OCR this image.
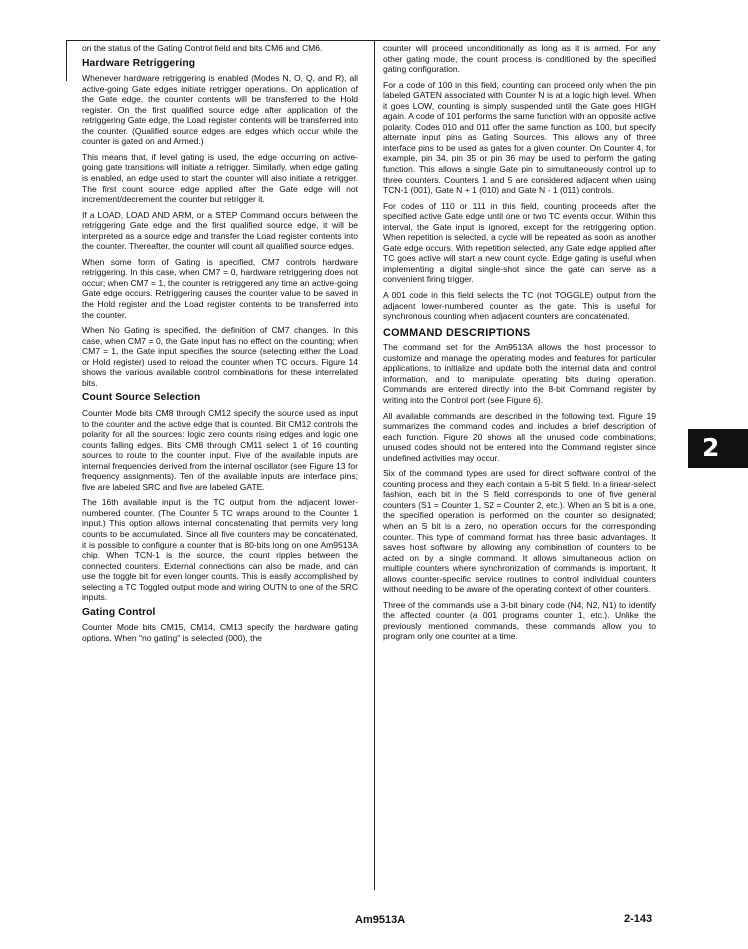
on the status of the Gating Control field and bits CM6 and CM6.

Hardware Retriggering

Whenever hardware retriggering is enabled (Modes N, O, Q, and R), all active-going Gate edges initiate retrigger operations. On application of the Gate edge, the counter contents will be transferred to the Hold register. On the first qualified source edge after application of the retriggering Gate edge, the Load register contents will be transferred into the counter. (Qualified source edges are edges which occur while the counter is gated on and Armed.)

This means that, if level gating is used, the edge occurring on active-going gate transitions will initiate a retrigger. Similarly, when edge gating is enabled, an edge used to start the counter will also initiate a retrigger. The first count source edge applied after the Gate edge will not increment/decrement the counter but retrigger it.

If a LOAD, LOAD AND ARM, or a STEP Command occurs between the retriggering Gate edge and the first qualified source edge, it will be interpreted as a source edge and transfer the Load register contents into the counter. Thereafter, the counter will count all qualified source edges.

When some form of Gating is specified, CM7 controls hardware retriggering. In this case, when CM7 = 0, hardware retriggering does not occur; when CM7 = 1, the counter is retriggered any time an active-going Gate edge occurs. Retriggering causes the counter value to be saved in the Hold register and the Load register contents to be transferred into the counter.

When No Gating is specified, the definition of CM7 changes. In this case, when CM7 = 0, the Gate input has no effect on the counting; when CM7 = 1, the Gate input specifies the source (selecting either the Load or Hold register) used to reload the counter when TC occurs. Figure 14 shows the various available control combinations for these interrelated bits.

Count Source Selection

Counter Mode bits CM8 through CM12 specify the source used as input to the counter and the active edge that is counted. Bit CM12 controls the polarity for all the sources: logic zero counts rising edges and logic one counts falling edges. Bits CM8 through CM11 select 1 of 16 counting sources to route to the counter input. Five of the available inputs are internal frequencies derived from the internal oscillator (see Figure 13 for frequency assignments). Ten of the available inputs are interface pins; five are labeled SRC and five are labeled GATE.

The 16th available input is the TC output from the adjacent lower-numbered counter. (The Counter 5 TC wraps around to the Counter 1 input.) This option allows internal concatenating that permits very long counts to be accumulated. Since all five counters may be concatenated, it is possible to configure a counter that is 80-bits long on one Am9513A chip. When TCN-1 is the source, the count ripples between the connected counters. External connections can also be made, and can use the toggle bit for even longer counts. This is easily accomplished by selecting a TC Toggled output mode and wiring OUTN to one of the SRC inputs.

Gating Control

Counter Mode bits CM15, CM14, CM13 specify the hardware gating options. When "no gating" is selected (000), the

counter will proceed unconditionally as long as it is armed. For any other gating mode, the count process is conditioned by the specified gating configuration.

For a code of 100 in this field, counting can proceed only when the pin labeled GATEN associated with Counter N is at a logic high level. When it goes LOW, counting is simply suspended until the Gate goes HIGH again. A code of 101 performs the same function with an opposite active polarity. Codes 010 and 011 offer the same function as 100, but specify alternate input pins as Gating Sources. This allows any of three interface pins to be used as gates for a given counter. On Counter 4, for example, pin 34, pin 35 or pin 36 may be used to perform the gating function. This allows a single Gate pin to simultaneously control up to three counters. Counters 1 and 5 are considered adjacent when using TCN-1 (001), Gate N + 1 (010) and Gate N - 1 (011) controls.

For codes of 110 or 111 in this field, counting proceeds after the specified active Gate edge until one or two TC events occur. Within this interval, the Gate input is ignored, except for the retriggering option. When repetition is selected, a cycle will be repeated as soon as another Gate edge occurs. With repetition selected, any Gate edge applied after TC goes active will start a new count cycle. Edge gating is useful when implementing a digital single-shot since the gate can serve as a convenient firing trigger.

A 001 code in this field selects the TC (not TOGGLE) output from the adjacent lower-numbered counter as the gate. This is useful for synchronous counting when adjacent counters are concatenated.

COMMAND DESCRIPTIONS

The command set for the Am9513A allows the host processor to customize and manage the operating modes and features for particular applications, to initialize and update both the internal data and control information, and to manipulate operating bits during operation. Commands are entered directly into the 8-bit Command register by writing into the Control port (see Figure 6).

All available commands are described in the following text. Figure 19 summarizes the command codes and includes a brief description of each function. Figure 20 shows all the unused code combinations; unused codes should not be entered into the Command register since undefined activities may occur.

Six of the command types are used for direct software control of the counting process and they each contain a 5-bit S field. In a linear-select fashion, each bit in the S field corresponds to one of five general counters (S1 = Counter 1, S2 = Counter 2, etc.). When an S bit is a one, the specified operation is performed on the counter so designated; when an S bit is a zero, no operation occurs for the corresponding counter. This type of command format has three basic advantages. It saves host software by allowing any combination of counters to be acted on by a single command. It allows simultaneous action on multiple counters where synchronization of commands is important. It allows counter-specific service routines to control individual counters without needing to be aware of the operating context of other counters.

Three of the commands use a 3-bit binary code (N4, N2, N1) to identify the affected counter (a 001 programs counter 1, etc.). Unlike the previously mentioned commands, these commands allow you to program only one counter at a time.

2
Am9513A	2-143
